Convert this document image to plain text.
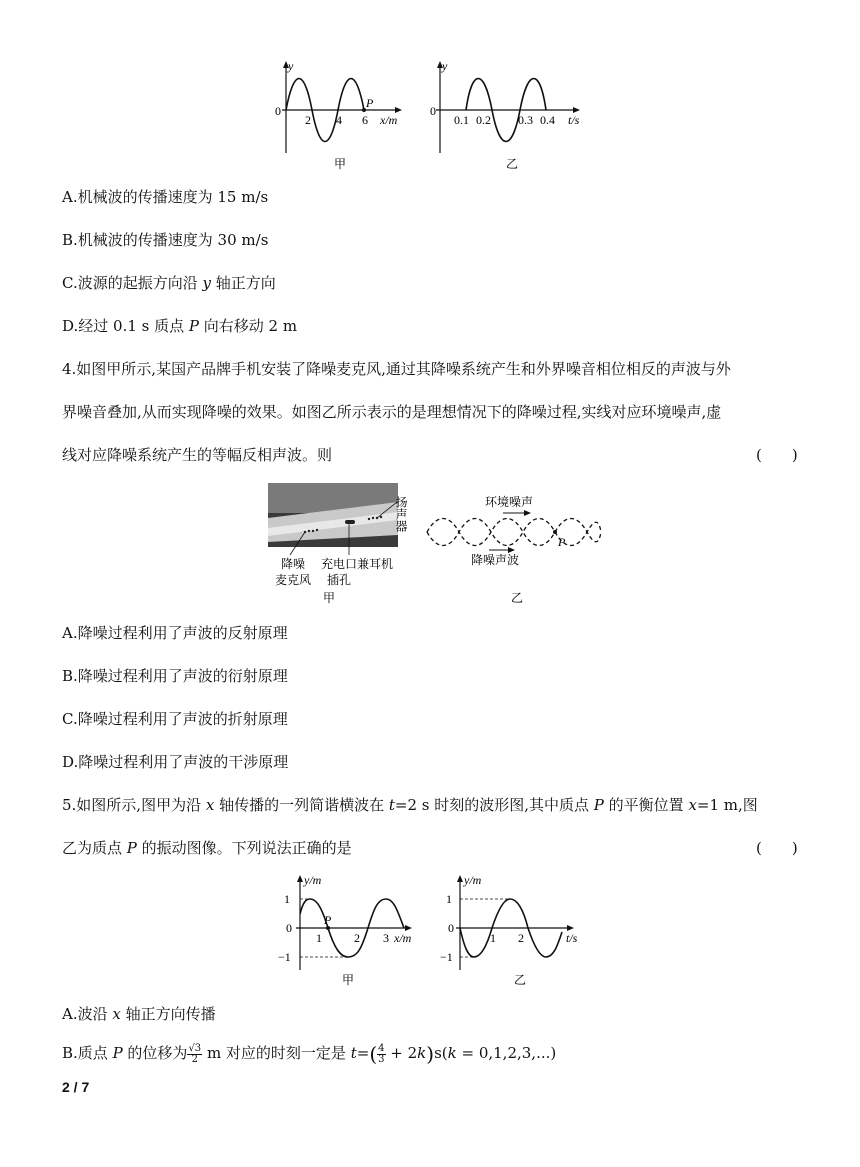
y
0
2 4 6
P
x/m
甲
y
0
0.1 0.2 0.3 0.4 t/s
乙
A.机械波的传播速度为 15 m/s
B.机械波的传播速度为 30 m/s
C.波源的起振方向沿 y 轴正方向
D.经过 0.1 s 质点 P 向右移动 2 m
4.如图甲所示,某国产品牌手机安装了降噪麦克风,通过其降噪系统产生和外界噪音相位相反的声波与外
界噪音叠加,从而实现降噪的效果。如图乙所示表示的是理想情况下的降噪过程,实线对应环境噪声,虚
线对应降噪系统产生的等幅反相声波。则	(　　)
扬声器
降噪
麦克风
充电口兼耳机
插孔
甲
P
环境噪声
降噪声波
乙
A.降噪过程利用了声波的反射原理
B.降噪过程利用了声波的衍射原理
C.降噪过程利用了声波的折射原理
D.降噪过程利用了声波的干涉原理
5.如图所示,图甲为沿 x 轴传播的一列简谐横波在 t=2 s 时刻的波形图,其中质点 P 的平衡位置 x=1 m,图
乙为质点 P 的振动图像。下列说法正确的是	(　　)
y/m
1
−1
0
1	2 3
P
x/m
甲
y/m
1
−1
0
1 2	t/s
乙
A.波沿 x 轴正方向传播
B.质点 P 的位移为 $\frac{√3}{2}$ m 对应的时刻一定是 $t=( \frac{4}{3} + 2k)s(k = 0,1,2,3,...)$
2 / 7
